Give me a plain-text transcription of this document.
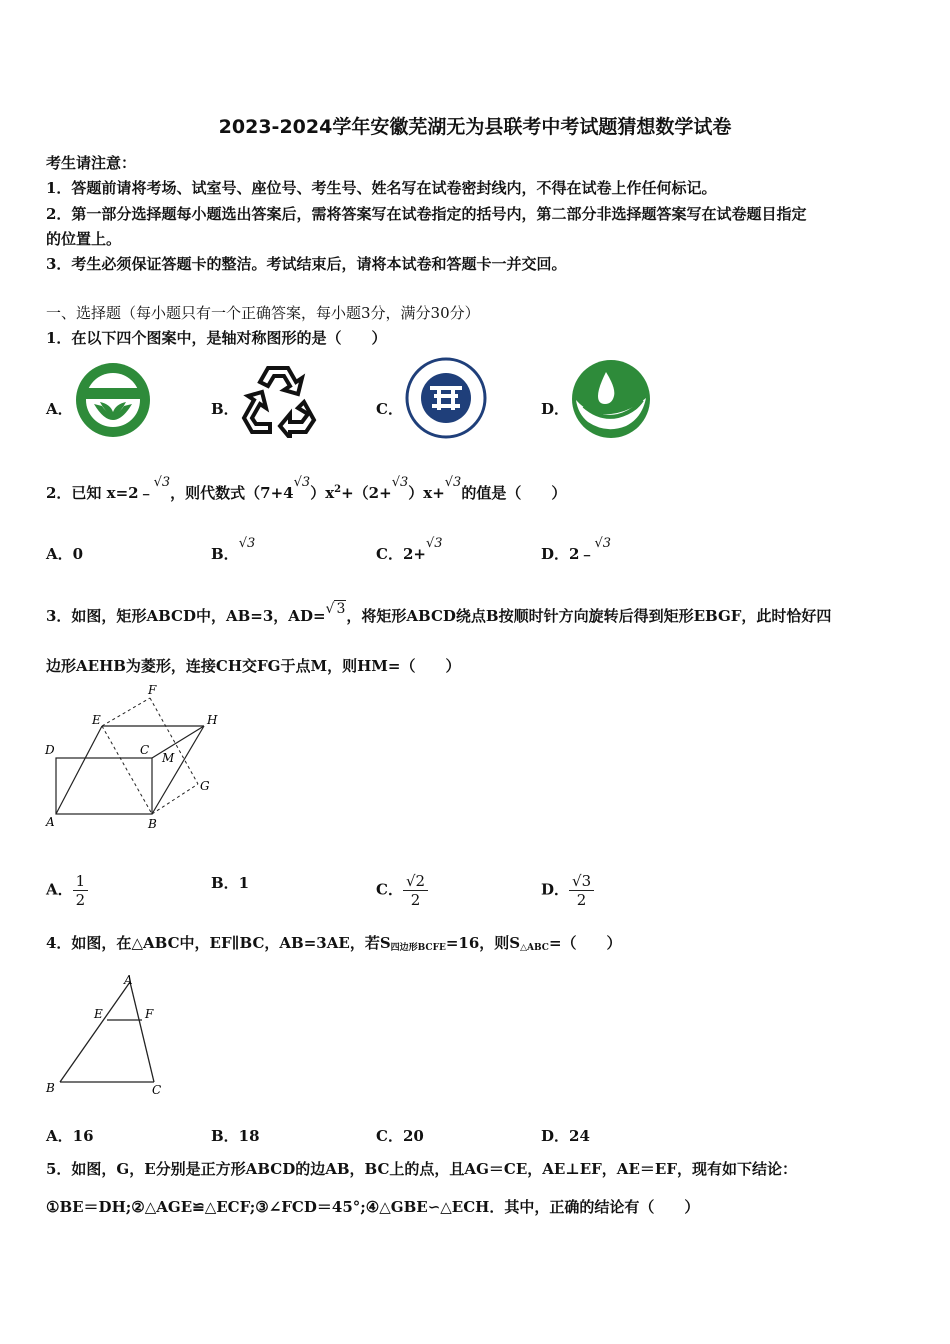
2023-2024学年安徽芜湖无为县联考中考试题猜想数学试卷
考生请注意：
1．答题前请将考场、试室号、座位号、考生号、姓名写在试卷密封线内，不得在试卷上作任何标记。
2．第一部分选择题每小题选出答案后，需将答案写在试卷指定的括号内，第二部分非选择题答案写在试卷题目指定
的位置上。
3．考生必须保证答题卡的整洁。考试结束后，请将本试卷和答题卡一并交回。
一、选择题（每小题只有一个正确答案，每小题3分，满分30分）
1．在以下四个图案中，是轴对称图形的是（　　）
A．	B．	C．	D．
2．已知 x=2﹣√3，则代数式$(7+4√3)x^2+(2+√3)x+√3$的值是（　　）
A．0	B．√3
C．2+√3
D．2﹣√3
3．如图，矩形ABCD中，AB=3，AD=√ 3，将矩形ABCD绕点B按顺时针方向旋转后得到矩形EBGF，此时恰好四
边形AEHB为菱形，连接CH交FG于点M，则HM=（　　）
F
E	H
D	C
M
G
A	B
A． $\frac{1}{2}$	B．1	C． $\frac{√2}{2}$	D． $\frac{√3}{2}$
4．如图，在△ABC中，EF∥BC，AB=3AE，若$S_{四边形BCFE}=16$，则$S_{\triangle ABC}=$（　　）
A
E	F
B	C
A．16	B．18	C．20	D．24
5．如图，G，E分别是正方形ABCD的边AB，BC上的点，且AG＝CE，AE⊥EF，AE＝EF，现有如下结论：
①BE＝DH;②△AGE≌△ECF;③∠FCD＝45°;④△GBE∽△ECH．其中，正确的结论有（　　）
